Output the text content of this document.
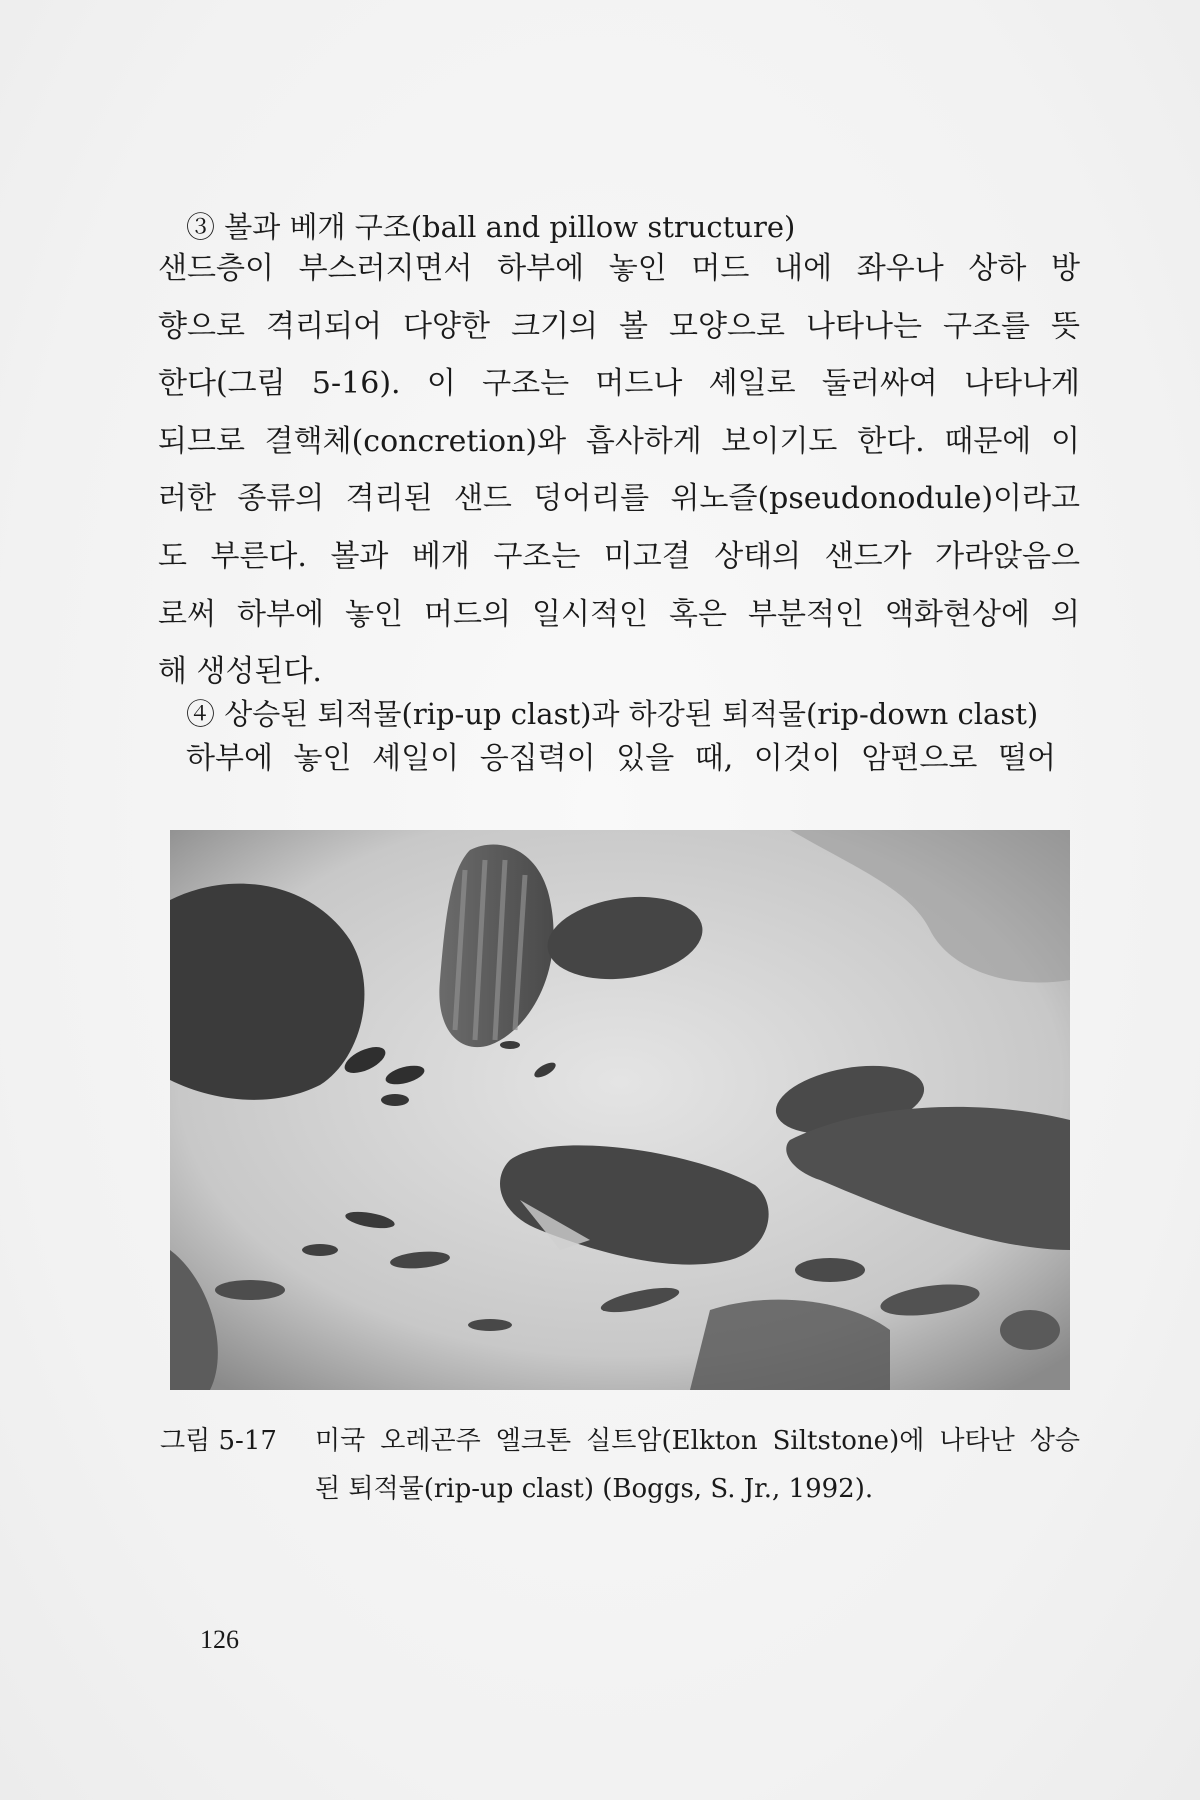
③ 볼과 베개 구조(ball and pillow structure)
샌드층이 부스러지면서 하부에 놓인 머드 내에 좌우나 상하 방
향으로 격리되어 다양한 크기의 볼 모양으로 나타나는 구조를 뜻
한다(그림 5-16). 이 구조는 머드나 셰일로 둘러싸여 나타나게
되므로 결핵체(concretion)와 흡사하게 보이기도 한다. 때문에 이
러한 종류의 격리된 샌드 덩어리를 위노즐(pseudonodule)이라고
도 부른다. 볼과 베개 구조는 미고결 상태의 샌드가 가라앉음으
로써 하부에 놓인 머드의 일시적인 혹은 부분적인 액화현상에 의
해 생성된다.
④ 상승된 퇴적물(rip-up clast)과 하강된 퇴적물(rip-down clast)
하부에 놓인 셰일이 응집력이 있을 때, 이것이 암편으로 떨어
그림 5-17 미국 오레곤주 엘크톤 실트암(Elkton Siltstone)에 나타난 상승
된 퇴적물(rip-up clast) (Boggs, S. Jr., 1992).
126
